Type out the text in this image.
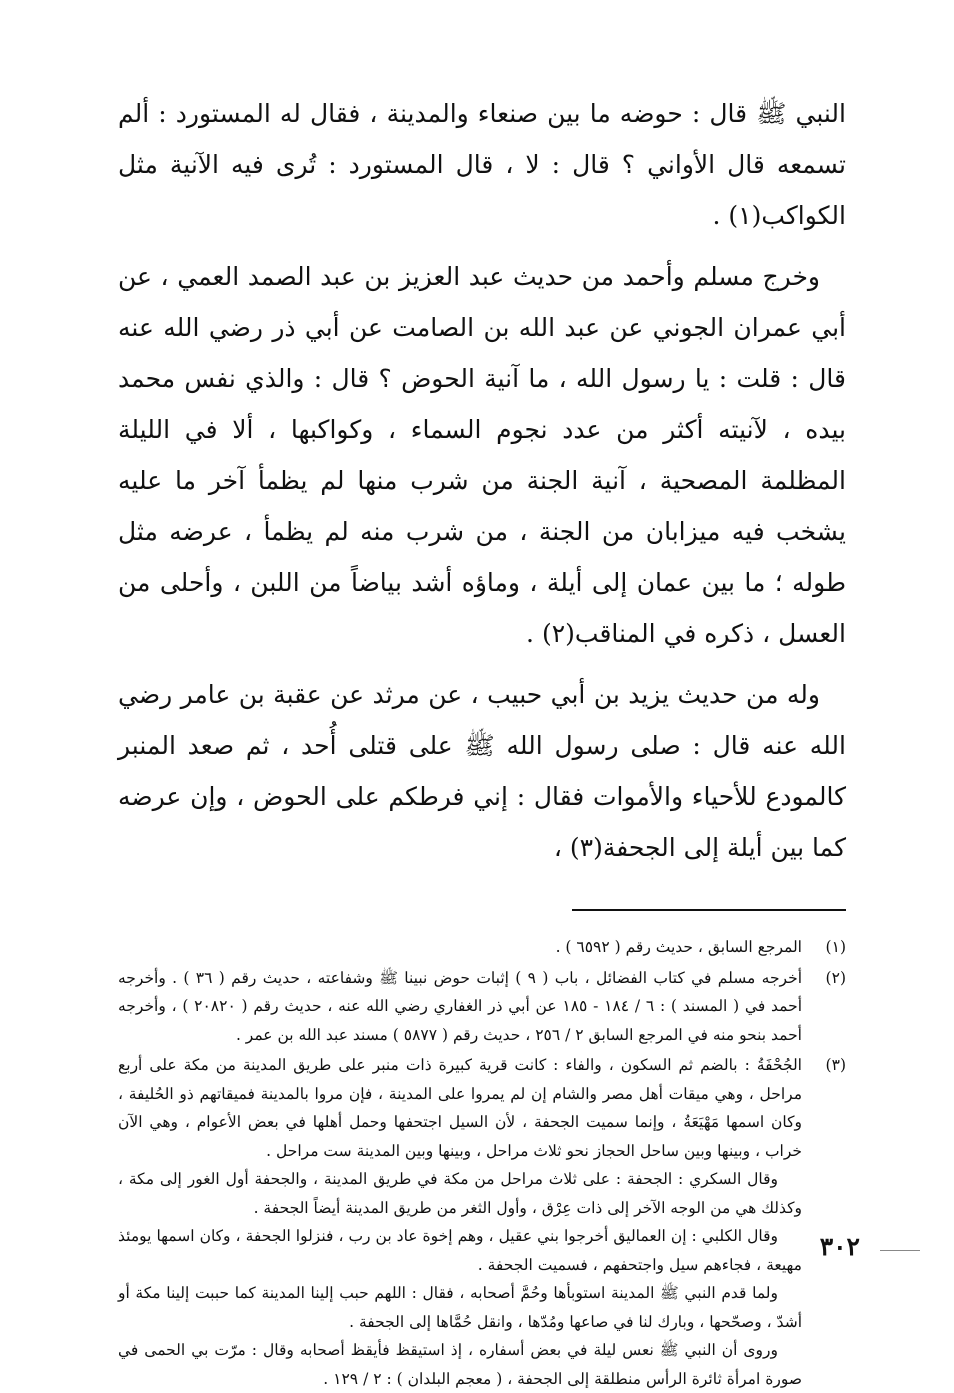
النبي ﷺ قال : حوضه ما بين صنعاء والمدينة ، فقال له المستورد : ألم تسمعه قال الأواني ؟ قال : لا ، قال المستورد : تُرى فيه الآنية مثل الكواكب(١) .

وخرج مسلم وأحمد من حديث عبد العزيز بن عبد الصمد العمي ، عن أبي عمران الجوني عن عبد الله بن الصامت عن أبي ذر رضي الله عنه قال : قلت : يا رسول الله ، ما آنية الحوض ؟ قال : والذي نفس محمد بيده ، لآنيته أكثر من عدد نجوم السماء ، وكواكبها ، ألا في الليلة المظلمة المصحية ، آنية الجنة من شرب منها لم يظمأ آخر ما عليه يشخب فيه ميزابان من الجنة ، من شرب منه لم يظمأ ، عرضه مثل طوله ؛ ما بين عمان إلى أيلة ، وماؤه أشد بياضاً من اللبن ، وأحلى من العسل ، ذكره في المناقب(٢) .

وله من حديث يزيد بن أبي حبيب ، عن مرثد عن عقبة بن عامر رضي الله عنه قال : صلى رسول الله ﷺ على قتلى أُحد ، ثم صعد المنبر كالمودع للأحياء والأموات فقال : إني فرطكم على الحوض ، وإن عرضه كما بين أيلة إلى الجحفة(٣) ،

(١)

المرجع السابق ، حديث رقم ( ٦٥٩٢ ) .

(٢)

أخرجه مسلم في كتاب الفضائل ، باب ( ٩ ) إثبات حوض نبينا ﷺ وشفاعته ، حديث رقم ( ٣٦ ) . وأخرجه أحمد في ( المسند ) : ٦ / ١٨٤ - ١٨٥ عن أبي ذر الغفاري رضي الله عنه ، حديث رقم ( ٢٠٨٢٠ ) ، وأخرجه أحمد بنحو منه في المرجع السابق ٢ / ٢٥٦ ، حديث رقم ( ٥٨٧٧ ) مسند عبد الله بن عمر .

(٣)

الجُحْفَةُ : بالضم ثم السكون ، والفاء : كانت قرية كبيرة ذات منبر على طريق المدينة من مكة على أربع مراحل ، وهي ميقات أهل مصر والشام إن لم يمروا على المدينة ، فإن مروا بالمدينة فميقاتهم ذو الحُليفة ، وكان اسمها مَهْيَعَةُ ، وإنما سميت الجحفة ، لأن السيل اجتحفها وحمل أهلها في بعض الأعوام ، وهي الآن خراب ، وبينها وبين ساحل الحجاز نحو ثلاث مراحل ، وبينها وبين المدينة ست مراحل .

وقال السكري : الجحفة : على ثلاث مراحل من مكة في طريق المدينة ، والجحفة أول الغور إلى مكة ، وكذلك هي من الوجه الآخر إلى ذات عِرْق ، وأول الثغر من طريق المدينة أيضاً الجحفة .

وقال الكلبي : إن العماليق أخرجوا بني عقيل ، وهم إخوة عاد بن رب ، فنزلوا الجحفة ، وكان اسمها يومئذ مهيعة ، فجاءهم سيل واجتحفهم ، فسميت الجحفة .

ولما قدم النبي ﷺ المدينة استوبأها وحُمَّ أصحابه ، فقال : اللهم حبب إلينا المدينة كما حببت إلينا مكة أو أشدّ ، وصحّحها ، وبارك لنا في صاعها ومُدّها ، وانقل حُمَّاها إلى الجحفة .

وروى أن النبي ﷺ نعس ليلة في بعض أسفاره ، إذ استيقظ فأيقظ أصحابه وقال : مرّت بي الحمى في صورة امرأة ثائرة الرأس منطلقة إلى الجحفة ، ( معجم البلدان ) : ٢ / ١٢٩ .

٣٠٢
